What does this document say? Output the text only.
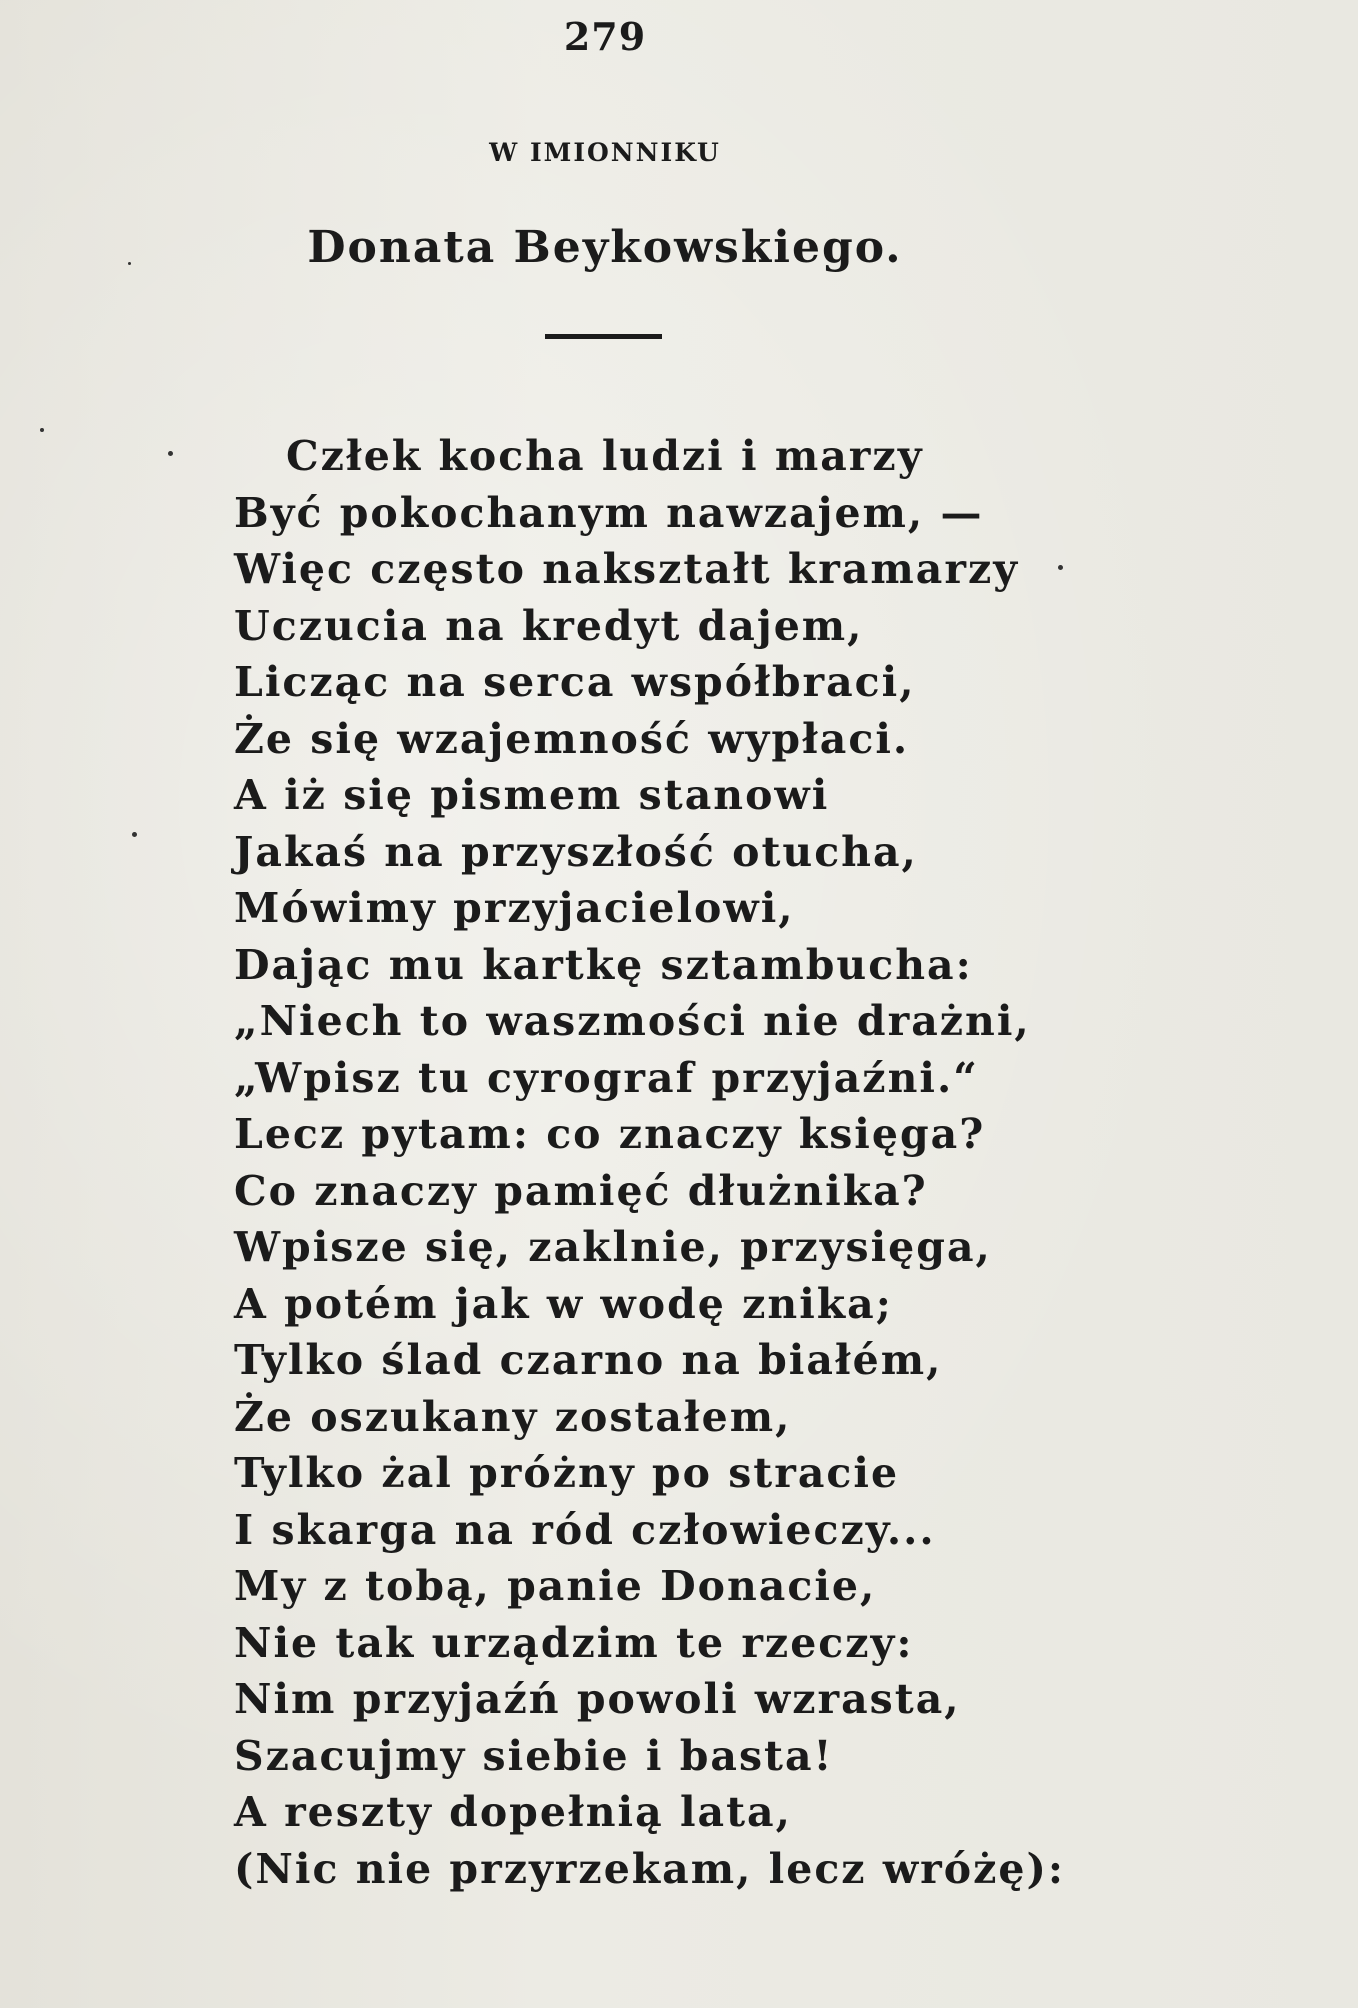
279
W IMIONNIKU
Donata Beykowskiego.
Człek kocha ludzi i marzy
Być pokochanym nawzajem, —
Więc często nakształt kramarzy
Uczucia na kredyt dajem,
Licząc na serca współbraci,
Że się wzajemność wypłaci.
A iż się pismem stanowi
Jakaś na przyszłość otucha,
Mówimy przyjacielowi,
Dając mu kartkę sztambucha:
„Niech to waszmości nie drażni,
„Wpisz tu cyrograf przyjaźni.“
Lecz pytam: co znaczy księga?
Co znaczy pamięć dłużnika?
Wpisze się, zaklnie, przysięga,
A potém jak w wodę znika;
Tylko ślad czarno na białém,
Że oszukany zostałem,
Tylko żal próżny po stracie
I skarga na ród człowieczy...
My z tobą, panie Donacie,
Nie tak urządzim te rzeczy:
Nim przyjaźń powoli wzrasta,
Szacujmy siebie i basta!
A reszty dopełnią lata,
(Nic nie przyrzekam, lecz wróżę):
